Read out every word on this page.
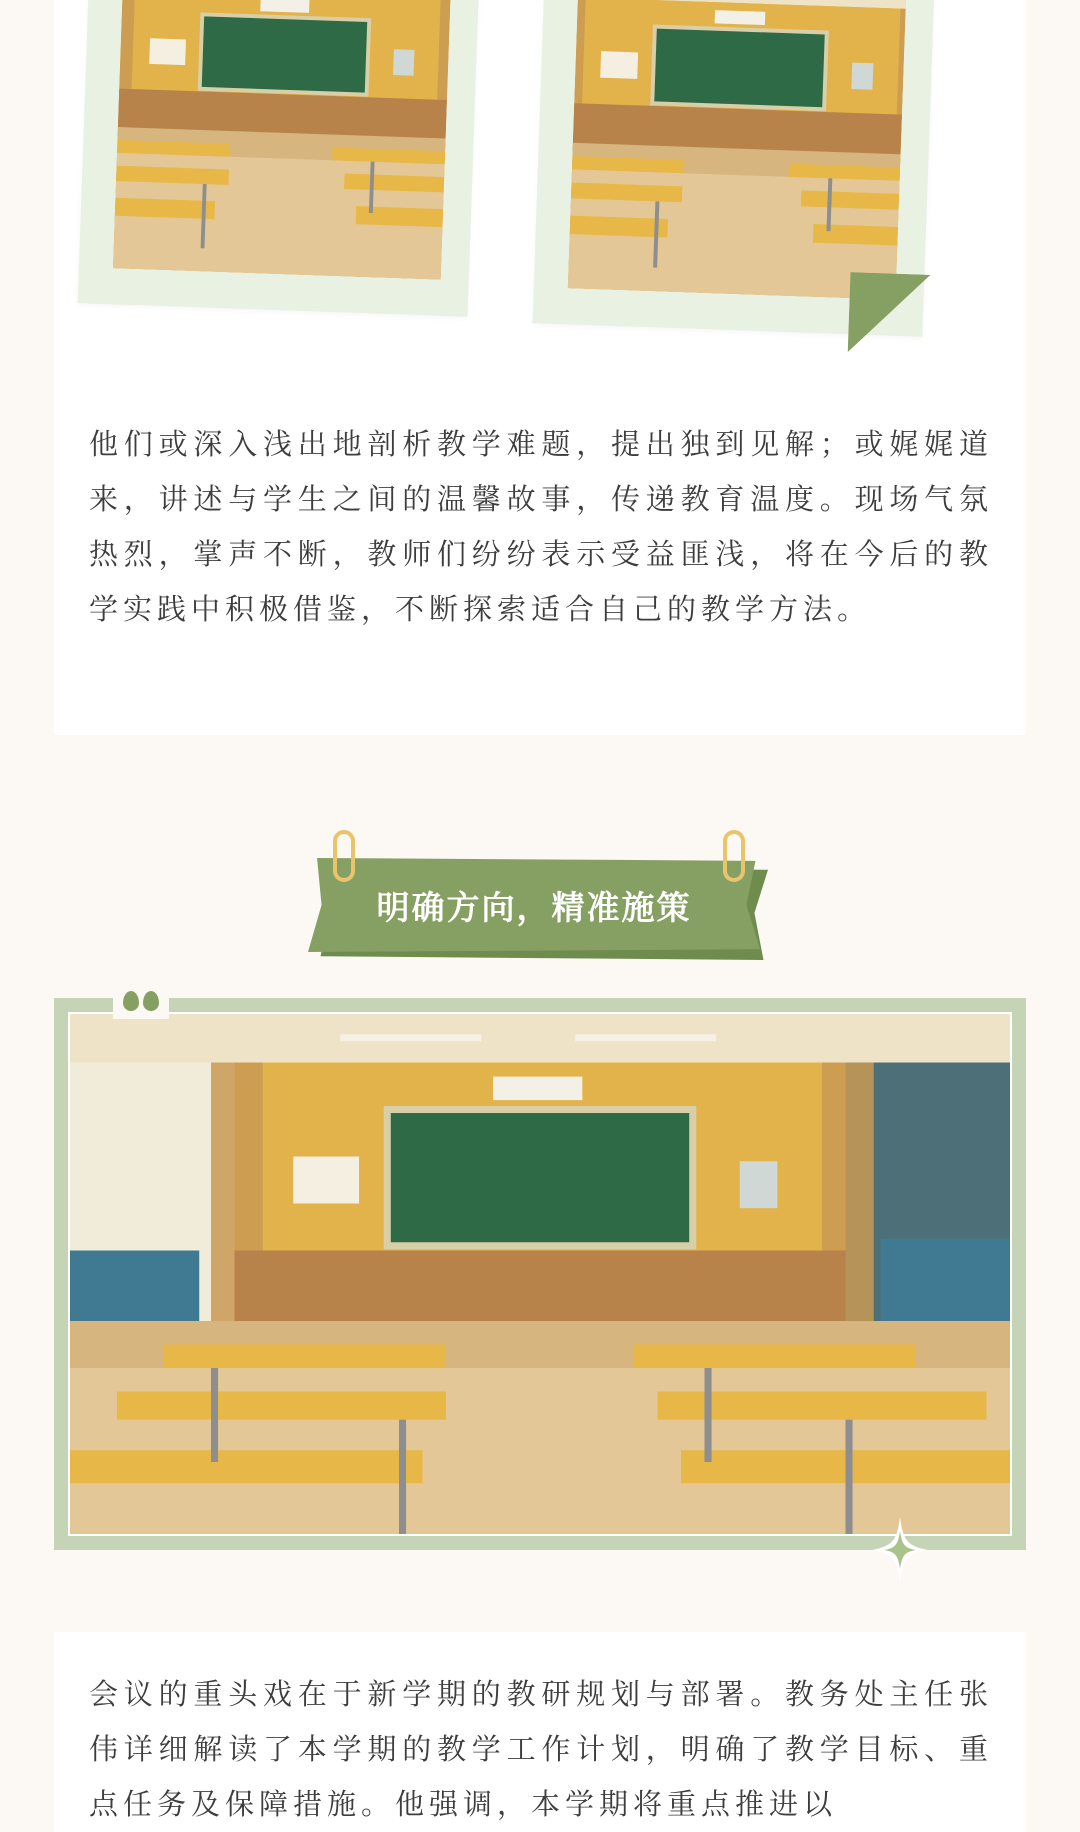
他们或深入浅出地剖析教学难题，提出独到见解；或娓娓道来，讲述与学生之间的温馨故事，传递教育温度。现场气氛热烈，掌声不断，教师们纷纷表示受益匪浅，将在今后的教学实践中积极借鉴，不断探索适合自己的教学方法。

明确方向，精准施策

会议的重头戏在于新学期的教研规划与部署。教务处主任张伟详细解读了本学期的教学工作计划，明确了教学目标、重点任务及保障措施。他强调，本学期将重点推进以
